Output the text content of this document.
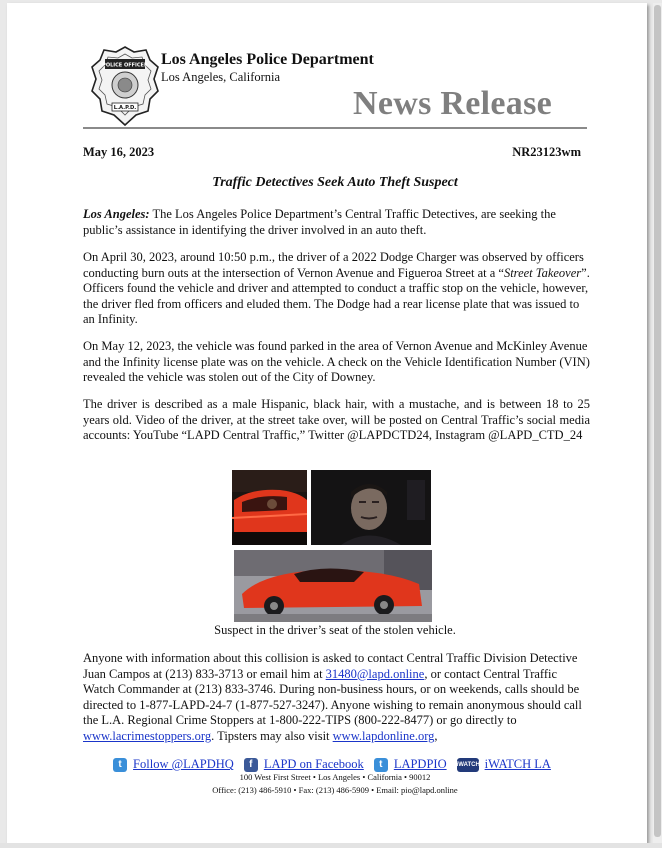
POLICE OFFICER
L.A.P.D.
Los Angeles Police Department
Los Angeles, California
News Release
May 16, 2023	NR23123wm
Traffic Detectives Seek Auto Theft Suspect
Los Angeles: The Los Angeles Police Department’s Central Traffic Detectives, are seeking the public’s assistance in identifying the driver involved in an auto theft.
On April 30, 2023, around 10:50 p.m., the driver of a 2022 Dodge Charger was observed by officers conducting burn outs at the intersection of Vernon Avenue and Figueroa Street at a “Street Takeover”. Officers found the vehicle and driver and attempted to conduct a traffic stop on the vehicle, however, the driver fled from officers and eluded them. The Dodge had a rear license plate that was issued to an Infinity.
On May 12, 2023, the vehicle was found parked in the area of Vernon Avenue and McKinley Avenue and the Infinity license plate was on the vehicle. A check on the Vehicle Identification Number (VIN) revealed the vehicle was stolen out of the City of Downey.
The driver is described as a male Hispanic, black hair, with a mustache, and is between 18 to 25 years old. Video of the driver, at the street take over, will be posted on Central Traffic’s social media accounts: YouTube “LAPD Central Traffic,” Twitter @LAPDCTD24, Instagram @LAPD_CTD_24
Suspect in the driver’s seat of the stolen vehicle.
Anyone with information about this collision is asked to contact Central Traffic Division Detective Juan Campos at (213) 833-3713 or email him at 31480@lapd.online, or contact Central Traffic Watch Commander at (213) 833-3746. During non-business hours, or on weekends, calls should be directed to 1-877-LAPD-24-7 (1-877-527-3247). Anyone wishing to remain anonymous should call the L.A. Regional Crime Stoppers at 1-800-222-TIPS (800-222-8477) or go directly to www.lacrimestoppers.org. Tipsters may also visit www.lapdonline.org,
t Follow @LAPDHQ	f LAPD on Facebook	t LAPDPIO iWATCH iWATCH LA
100 West First Street • Los Angeles • California • 90012
Office: (213) 486-5910 • Fax: (213) 486-5909 • Email: pio@lapd.online
